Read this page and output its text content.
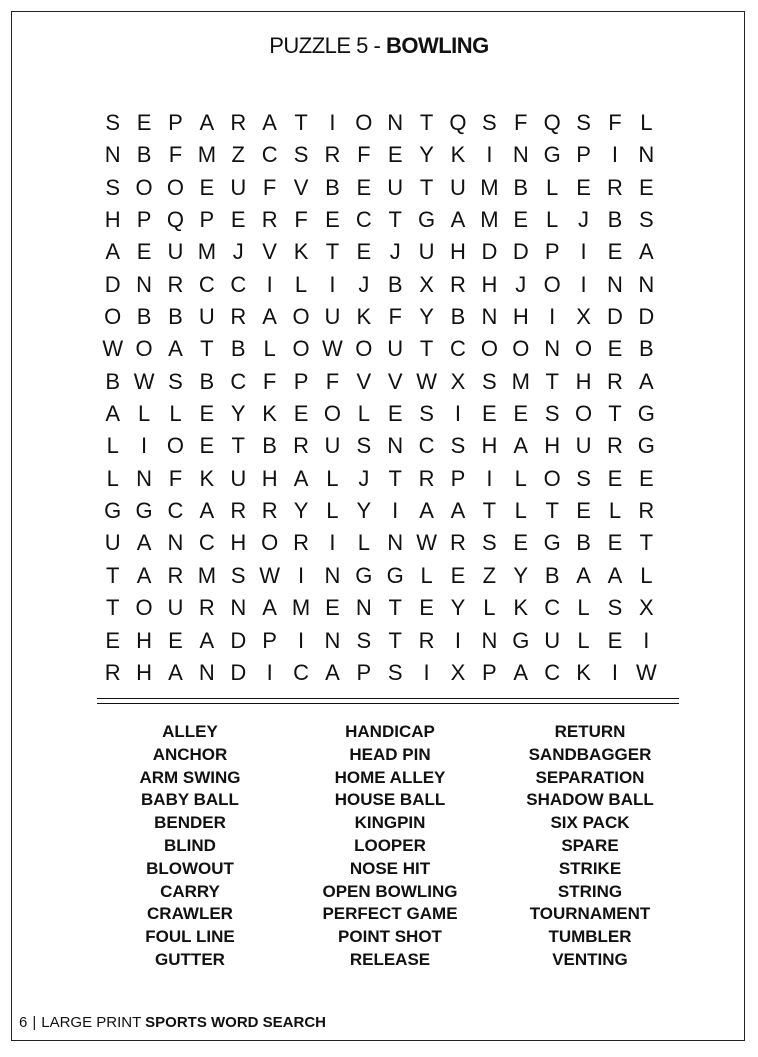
PUZZLE 5 - BOWLING
S E P A R A T I O N T Q S F Q S F L
N B F M Z C S R F E Y K I N G P I N
S O O E U F V B E U T U M B L E R E
H P Q P E R F E C T G A M E L J B S
A E U M J V K T E J U H D D P I E A
D N R C C I	L	I	J B X R H J O I N N
O B B U R A O U K F Y B N H I X D D
W O A T B L O W O U T C O O N O E B
B W S B C F P F V V W X S M T H R A
A L L E Y K E O L E S I E E S O T G
L	I O E T B R U S N C S H A H U R G
L N F K U H A L J T R P I	L O S E E
G G C A R R Y L Y I A A T L T E L R
U A N C H O R I	L N W R S E G B E T
T A R M S W I N G G L E Z Y B A A L
T O U R N A M E N T E Y L K C L S X
E H E A D P I N S T R I N G U L E I
R H A N D I C A P S I X P A C K I W
ALLEY
ANCHOR
ARM SWING
BABY BALL
BENDER
BLIND
BLOWOUT
CARRY
CRAWLER
FOUL LINE
GUTTER
HANDICAP
HEAD PIN
HOME ALLEY
HOUSE BALL
KINGPIN
LOOPER
NOSE HIT
OPEN BOWLING
PERFECT GAME
POINT SHOT
RELEASE
RETURN
SANDBAGGER
SEPARATION
SHADOW BALL
SIX PACK
SPARE
STRIKE
STRING
TOURNAMENT
TUMBLER
VENTING
6 | LARGE PRINT SPORTS WORD SEARCH
